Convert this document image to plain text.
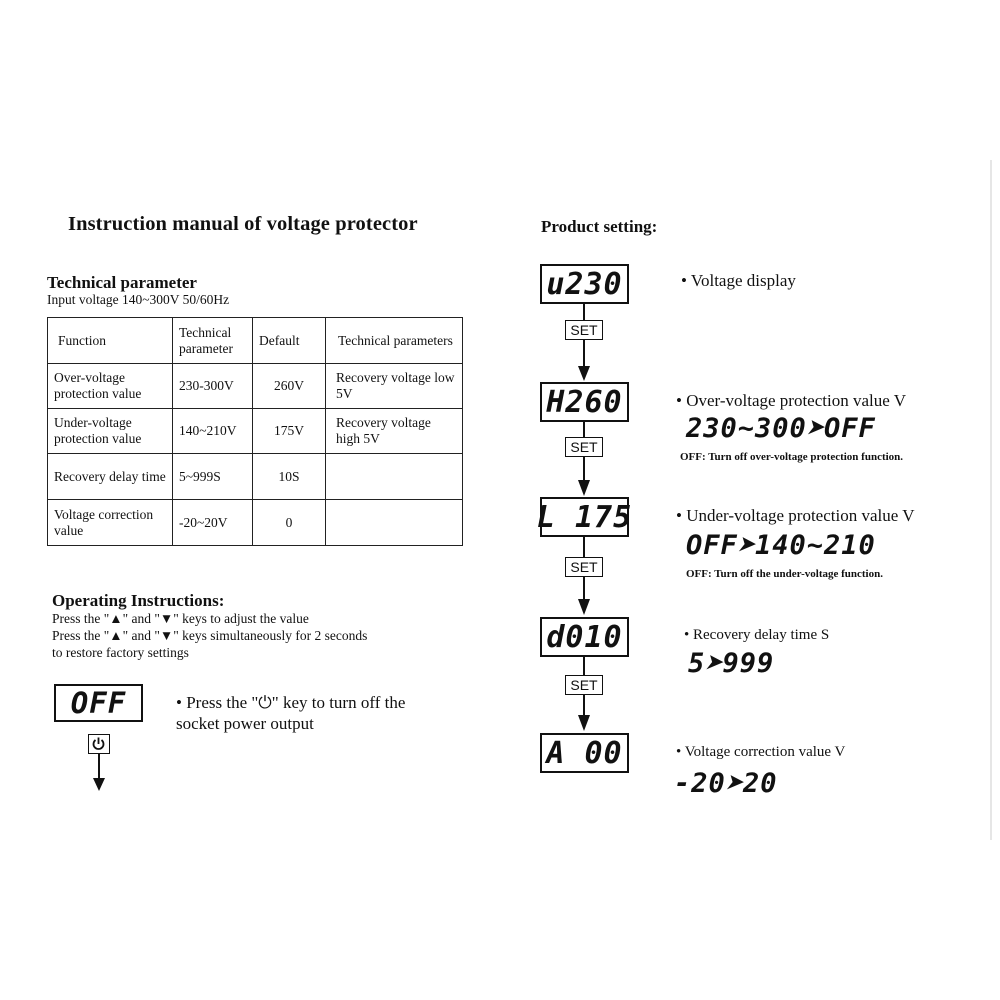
Instruction manual of voltage protector
Technical parameter
Input voltage 140~300V 50/60Hz
Function	Technical parameter	Default	Technical parameters
Over-voltage protection value	230-300V	260V	Recovery voltage low 5V
Under-voltage protection value	140~210V	175V	Recovery voltage high 5V
Recovery delay time	5~999S	10S	
Voltage correction value	-20~20V	0	
Operating Instructions:
Press the "▲" and "▼" keys to adjust the value
Press the "▲" and "▼" keys simultaneously for 2 seconds
to restore factory settings
OFF	• Press the "⏻" key to turn off the
socket power output
Product setting:
u230
H260
L 175
d010
A 00
SET
SET
SET
SET
• Voltage display
• Over-voltage protection value V
230~300➤OFF
OFF: Turn off over-voltage protection function.
• Under-voltage protection value V
OFF➤140~210
OFF: Turn off the under-voltage function.
• Recovery delay time S
5➤999
• Voltage correction value V
-20➤20
